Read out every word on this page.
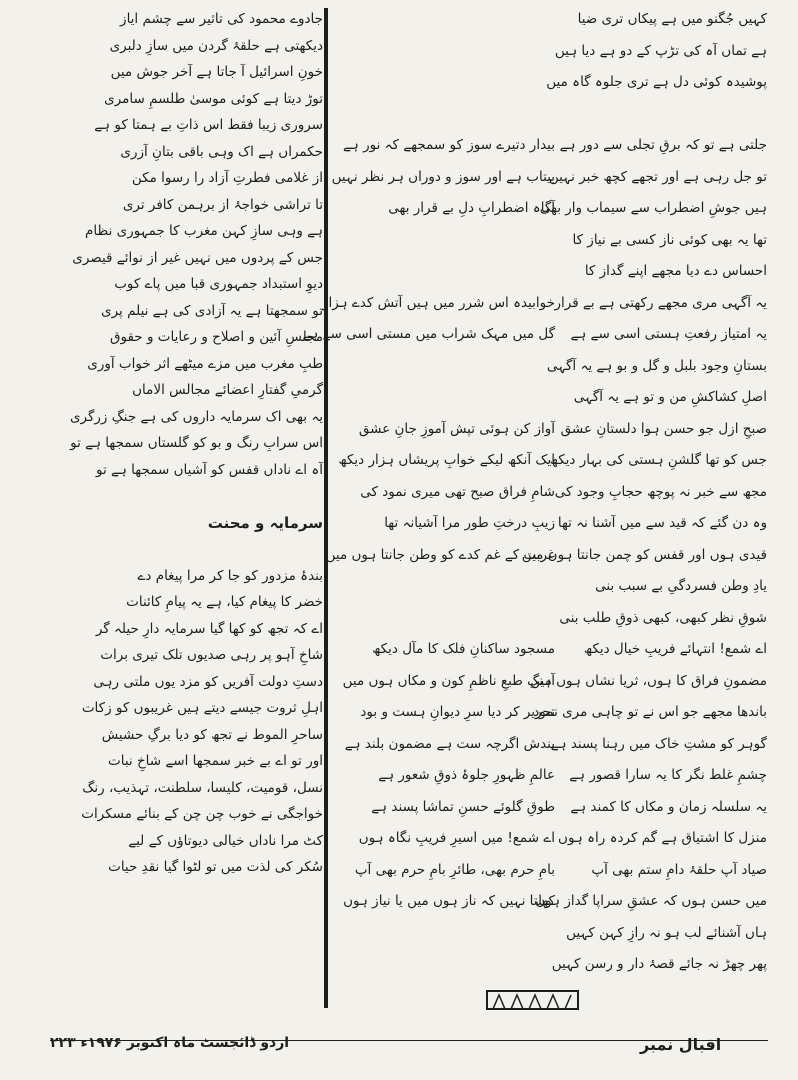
جادوے محمود کی تاثیر سے چشم ایاز
دیکھتی ہے حلقۂ گردن میں سازِ دلبری
خونِ اسرائیل آ جاتا ہے آخر جوش میں
توڑ دیتا ہے کوئی موسیٰ طلسمِ سامری
سروری زیبا فقط اس ذاتِ بے ہمتا کو ہے
حکمراں ہے اک وہی باقی بتانِ آزری
از غلامی فطرتِ آزاد را رسوا مکن
تا تراشی خواجۂ از برہمن کافر تری
ہے وہی سازِ کہن مغرب کا جمہوری نظام
جس کے پردوں میں نہیں غیر از نوائے قیصری
دیوِ استبداد جمہوری قبا میں پاے کوب
تو سمجھتا ہے یہ آزادی کی ہے نیلم پری
مجلسِ آئین و اصلاح و رعایات و حقوق
طبِ مغرب میں مزے میٹھے اثر خواب آوری
گرمیِ گفتارِ اعضائے مجالس الاماں
یہ بھی اک سرمایہ داروں کی ہے جنگِ زرگری
اس سرابِ رنگ و بو کو گلستاں سمجھا ہے تو
آہ اے ناداں قفس کو آشیاں سمجھا ہے تو
سرمایہ و محنت
بندۂ مزدور کو جا کر مرا پیغام دے
خضر کا پیغام کیا، ہے یہ پیامِ کائنات
اے کہ تجھ کو کھا گیا سرمایہ دارِ حیلہ گر
شاخِ آہو پر رہی صدیوں تلک تیری برات
دستِ دولت آفریں کو مزد یوں ملتی رہی
اہلِ ثروت جیسے دیتے ہیں غریبوں کو زکات
ساحرِ الموط نے تجھ کو دیا برگِ حشیش
اور تو اے بے خبر سمجھا اسے شاخِ نبات
نسل، قومیت، کلیسا، سلطنت، تہذیب، رنگ
خواجگی نے خوب چن چن کے بنائے مسکرات
کٹ مرا ناداں خیالی دیوتاؤں کے لیے
سُکر کی لذت میں تو لٹوا گیا نقدِ حیات
کہیں جُگنو میں ہے پیکاں تری ضیا
ہے تماں آہ کی تڑپ کے دو ہے دیا ہیں
پوشیدہ کوئی دل ہے تری جلوہ گاہ میں
جلتی ہے تو کہ برقِ تجلی سے دور ہے
تو جل رہی ہے اور تجھے کچھ خبر نہیں
ہیں جوشِ اضطراب سے سیماب وار بھی
تھا یہ بھی کوئی ناز کسی بے نیاز کا
احساس دے دیا مجھے اپنے گداز کا
یہ آگہی مری مجھے رکھتی ہے بے قرار
یہ امتیاز رفعتِ ہستی اسی سے ہے
بستانِ وجود بلبل و گل و بو ہے یہ آگہی
اصلِ کشاکشِ من و تو ہے یہ آگہی
صبحِ ازل جو حسن ہوا دلستانِ عشق
جس کو تھا گلشنِ ہستی کی بہار دیکھ
مجھ سے خبر نہ پوچھ حجابِ وجود کی
وہ دن گئے کہ قید سے میں آشنا نہ تھا
قیدی ہوں اور قفس کو چمن جانتا ہوں میں
یادِ وطن فسردگیِ بے سبب بنی
شوقِ نظر کبھی، کبھی ذوقِ طلب بنی
اے شمع! انتہائے فریبِ خیال دیکھ
مضمونِ فراق کا ہوں، ثریا نشاں ہوں میں
باندھا مجھے جو اس نے تو چاہی مری نمود
گوہر کو مشتِ خاک میں رہنا پسند ہے
چشمِ غلط نگر کا یہ سارا قصور ہے
یہ سلسلہ زمان و مکاں کا کمند ہے
منزل کا اشتیاق ہے گم کردہ راہ ہوں
صیاد آپ حلقۂ دامِ ستم بھی آپ
میں حسن ہوں کہ عشقِ سراپا گداز ہوں
ہاں آشنائے لب ہو نہ رازِ کہن کہیں
پھر چھڑ نہ جائے قصۂ دار و رسن کہیں
بیدار دتیرے سوز کو سمجھے کہ نور ہے
بیتاب ہے اور سوز و دوراں ہر نظر نہیں
آگاہ اضطرابِ دلِ بے قرار بھی
خوابیدہ اس شرر میں ہیں آتش کدے ہزار
گل میں مہک شراب میں مستی اسی سے ہے
آواز کن ہوئی تپش آموزِ جانِ عشق
ایک آنکھ لیکے خوابِ پریشاں ہزار دیکھ
شامِ فراق صبح تھی میری نمود کی
زیبِ درختِ طور مرا آشیانہ تھا
غربت کے غم کدے کو وطن جانتا ہوں میں
مسجود ساکنانِ فلک کا مآل دیکھ
آہنگِ طبعِ ناظمِ کون و مکاں ہوں میں
تحریر کر دیا سرِ دیوانِ ہست و بود
بندش اگرچہ ست ہے مضمون بلند ہے
عالمِ ظہورِ جلوۂ ذوقِ شعور ہے
طوقِ گلوئے حسنِ تماشا پسند ہے
اے شمع! میں اسیرِ فریبِ نگاہ ہوں
بامِ حرم بھی، طائرِ بامِ حرم بھی آپ
کھلتا نہیں کہ ناز ہوں میں یا نیاز ہوں
اردو ڈائجسٹ ماہ اکتوبر ۱۹۷۶ء ۲۲۳	اقبال نمبر
